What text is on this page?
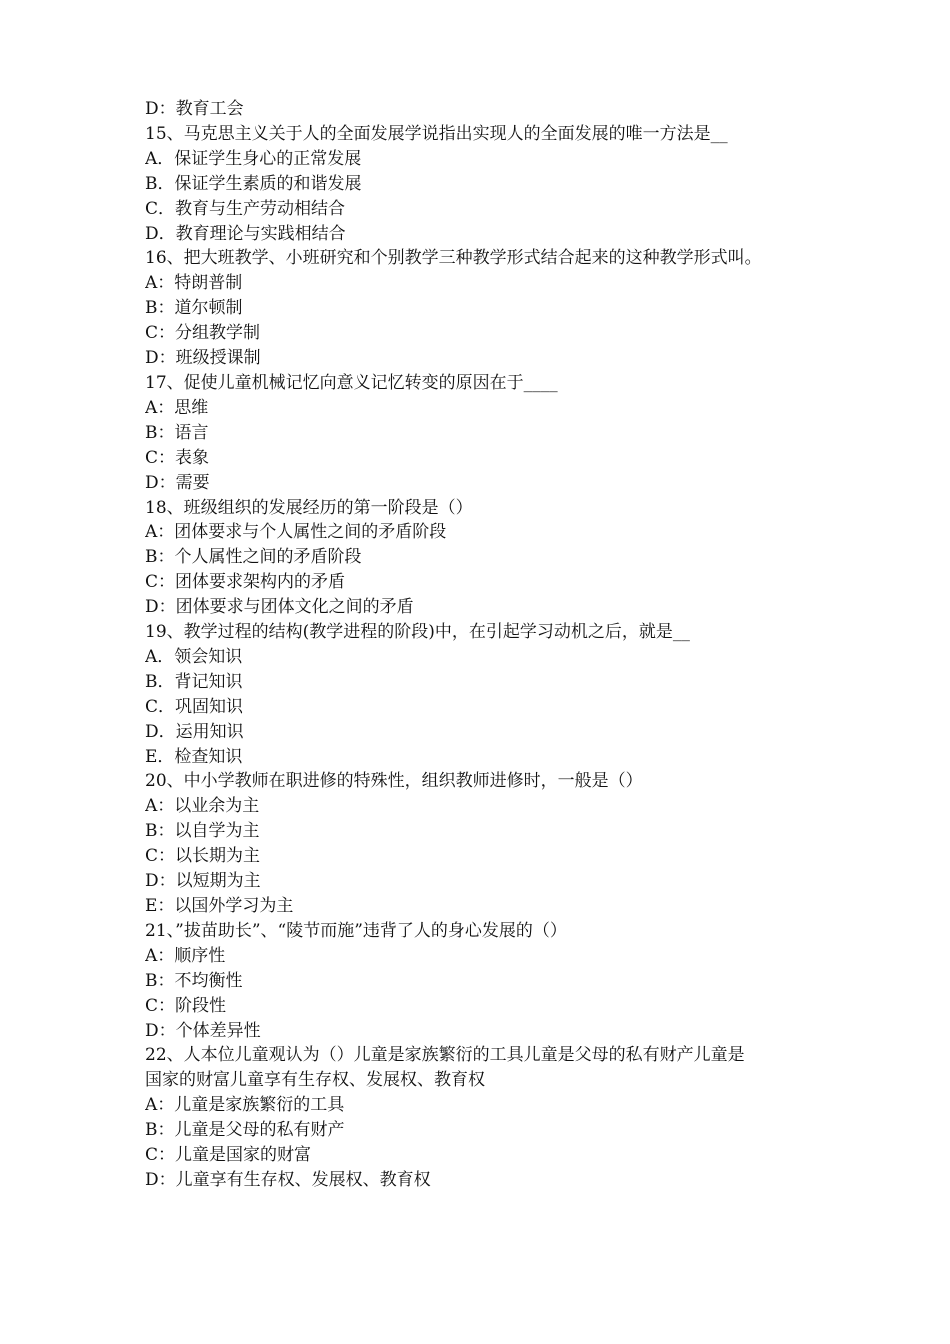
D：教育工会
15、马克思主义关于人的全面发展学说指出实现人的全面发展的唯一方法是__
A．保证学生身心的正常发展
B．保证学生素质的和谐发展
C．教育与生产劳动相结合
D．教育理论与实践相结合
16、把大班教学、小班研究和个别教学三种教学形式结合起来的这种教学形式叫。
A：特朗普制
B：道尔顿制
C：分组教学制
D：班级授课制
17、促使儿童机械记忆向意义记忆转变的原因在于____
A：思维
B：语言
C：表象
D：需要
18、班级组织的发展经历的第一阶段是（）
A：团体要求与个人属性之间的矛盾阶段
B：个人属性之间的矛盾阶段
C：团体要求架构内的矛盾
D：团体要求与团体文化之间的矛盾
19、教学过程的结构(教学进程的阶段)中，在引起学习动机之后，就是__
A．领会知识
B．背记知识
C．巩固知识
D．运用知识
E．检查知识
20、中小学教师在职进修的特殊性，组织教师进修时，一般是（）
A：以业余为主
B：以自学为主
C：以长期为主
D：以短期为主
E：以国外学习为主
21、”拔苗助长”、“陵节而施”违背了人的身心发展的（）
A：顺序性
B：不均衡性
C：阶段性
D：个体差异性
22、人本位儿童观认为（）儿童是家族繁衍的工具儿童是父母的私有财产儿童是
国家的财富儿童享有生存权、发展权、教育权
A：儿童是家族繁衍的工具
B：儿童是父母的私有财产
C：儿童是国家的财富
D：儿童享有生存权、发展权、教育权
